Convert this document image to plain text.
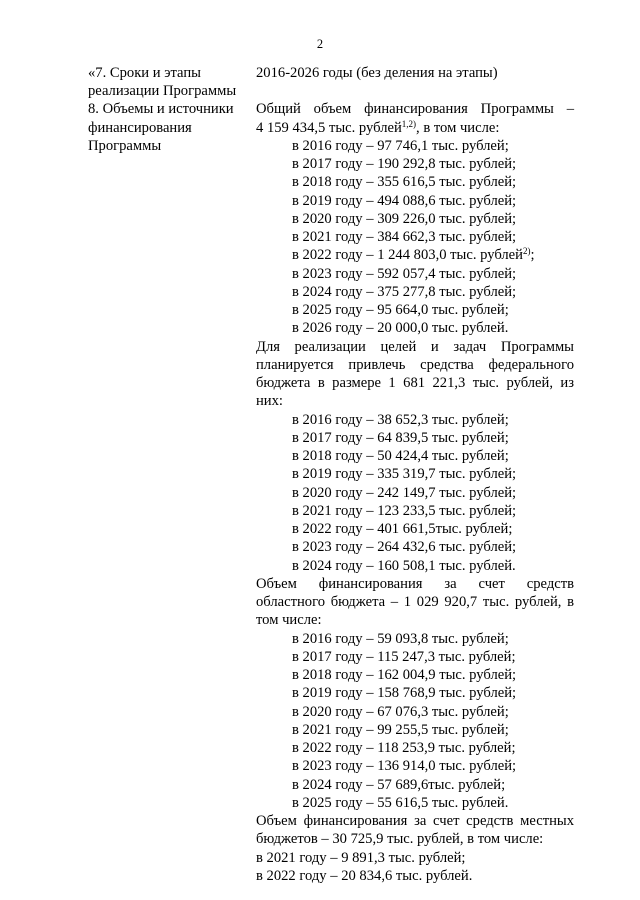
2
«7. Сроки и этапы
реализации Программы
8. Объемы и источники
финансирования
Программы

2016-2026 годы (без деления на этапы)

Общий объем финансирования Программы –

4 159 434,5 тыс. рублей$^{1,2)}$, в том числе:

в 2016 году – 97 746,1 тыс. рублей;
в 2017 году – 190 292,8 тыс. рублей;
в 2018 году – 355 616,5 тыс. рублей;
в 2019 году – 494 088,6 тыс. рублей;
в 2020 году – 309 226,0 тыс. рублей;
в 2021 году – 384 662,3 тыс. рублей;
в 2022 году – 1 244 803,0 тыс. рублей$^{2)}$;
в 2023 году – 592 057,4 тыс. рублей;
в 2024 году – 375 277,8 тыс. рублей;
в 2025 году – 95 664,0 тыс. рублей;
в 2026 году – 20 000,0 тыс. рублей.

Для реализации целей и задач Программы

планируется привлечь средства федерального

бюджета в размере 1 681 221,3 тыс. рублей, из

них:

в 2016 году – 38 652,3 тыс. рублей;
в 2017 году – 64 839,5 тыс. рублей;
в 2018 году – 50 424,4 тыс. рублей;
в 2019 году – 335 319,7 тыс. рублей;
в 2020 году – 242 149,7 тыс. рублей;
в 2021 году – 123 233,5 тыс. рублей;
в 2022 году – 401 661,5тыс. рублей;
в 2023 году – 264 432,6 тыс. рублей;
в 2024 году – 160 508,1 тыс. рублей.

Объем финансирования за счет средств

областного бюджета – 1 029 920,7 тыс. рублей, в

том числе:

в 2016 году – 59 093,8 тыс. рублей;
в 2017 году – 115 247,3 тыс. рублей;
в 2018 году – 162 004,9 тыс. рублей;
в 2019 году – 158 768,9 тыс. рублей;
в 2020 году – 67 076,3 тыс. рублей;
в 2021 году – 99 255,5 тыс. рублей;
в 2022 году – 118 253,9 тыс. рублей;
в 2023 году – 136 914,0 тыс. рублей;
в 2024 году – 57 689,6тыс. рублей;
в 2025 году – 55 616,5 тыс. рублей.

Объем финансирования за счет средств местных

бюджетов – 30 725,9 тыс. рублей, в том числе:

в 2021 году – 9 891,3 тыс. рублей;
в 2022 году – 20 834,6 тыс. рублей.
